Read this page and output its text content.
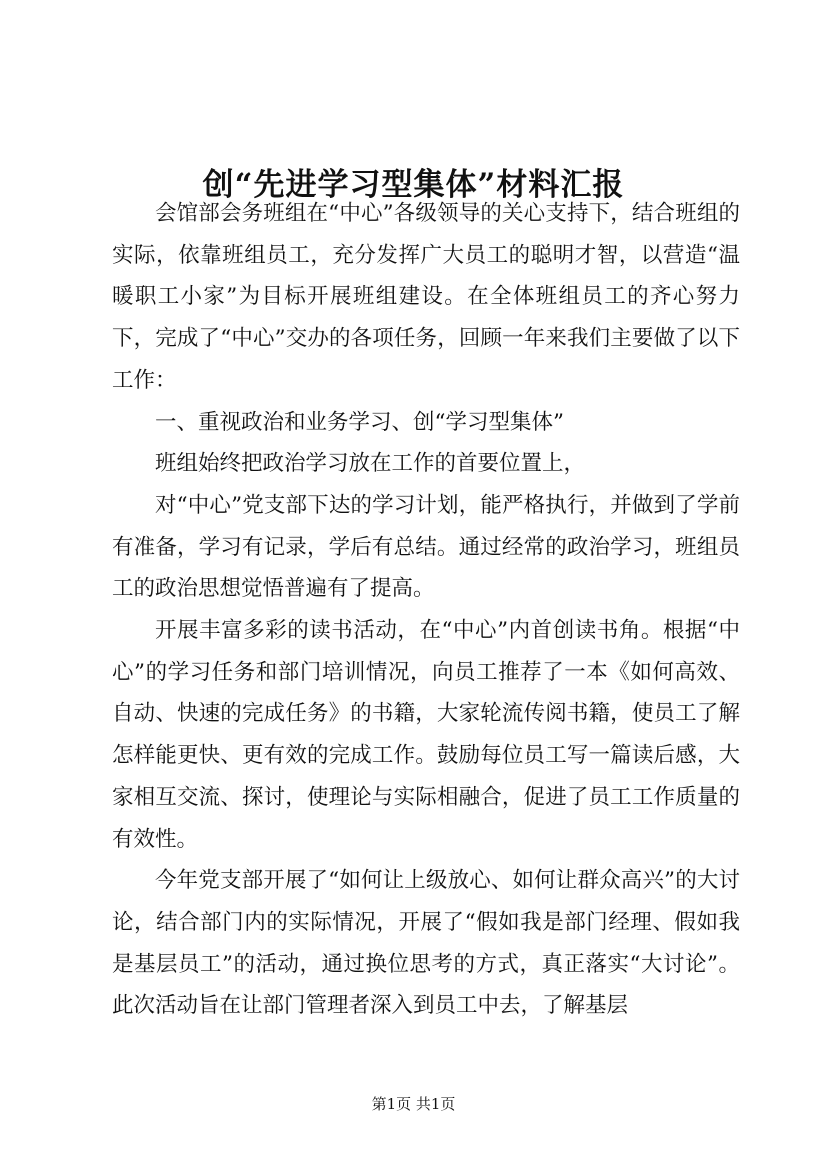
创“先进学习型集体”材料汇报

会馆部会务班组在“中心”各级领导的关心支持下，结合班组的实际，依靠班组员工，充分发挥广大员工的聪明才智，以营造“温暖职工小家”为目标开展班组建设。在全体班组员工的齐心努力下，完成了“中心”交办的各项任务，回顾一年来我们主要做了以下工作：

一、重视政治和业务学习、创“学习型集体”

班组始终把政治学习放在工作的首要位置上，

对“中心”党支部下达的学习计划，能严格执行，并做到了学前有准备，学习有记录，学后有总结。通过经常的政治学习，班组员工的政治思想觉悟普遍有了提高。

开展丰富多彩的读书活动，在“中心”内首创读书角。根据“中心”的学习任务和部门培训情况，向员工推荐了一本《如何高效、自动、快速的完成任务》的书籍，大家轮流传阅书籍，使员工了解怎样能更快、更有效的完成工作。鼓励每位员工写一篇读后感，大家相互交流、探讨，使理论与实际相融合，促进了员工工作质量的有效性。

今年党支部开展了“如何让上级放心、如何让群众高兴”的大讨论，结合部门内的实际情况，开展了“假如我是部门经理、假如我是基层员工”的活动，通过换位思考的方式，真正落实“大讨论”。此次活动旨在让部门管理者深入到员工中去，了解基层

第1页 共1页
